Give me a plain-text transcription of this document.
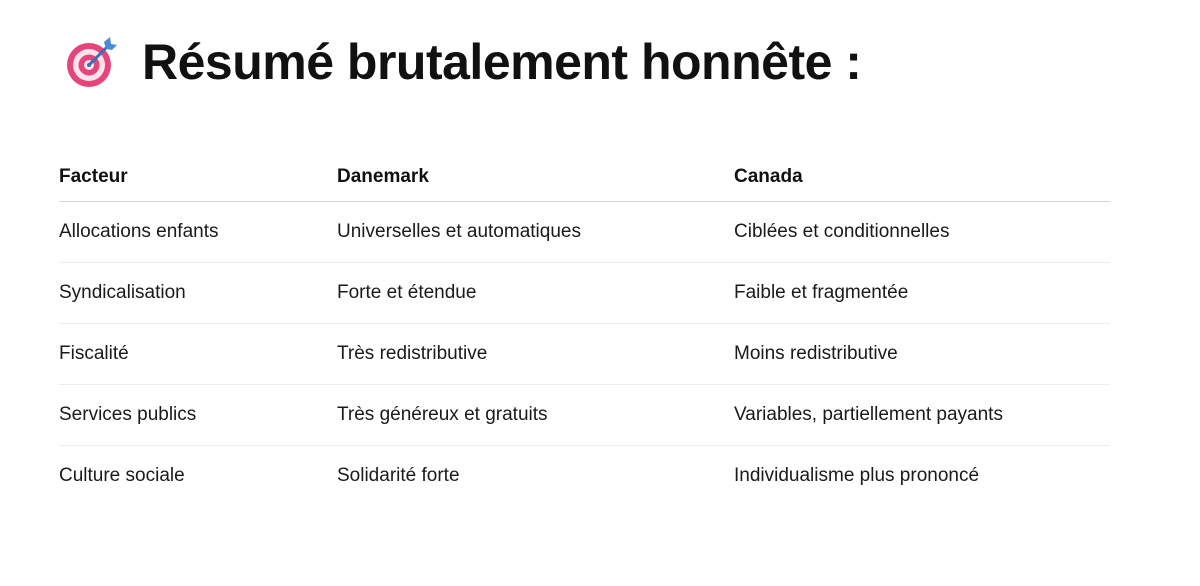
Résumé brutalement honnête :
Facteur	Danemark	Canada
Allocations enfants	Universelles et automatiques	Ciblées et conditionnelles
Syndicalisation	Forte et étendue	Faible et fragmentée
Fiscalité	Très redistributive	Moins redistributive
Services publics	Très généreux et gratuits	Variables, partiellement payants
Culture sociale	Solidarité forte	Individualisme plus prononcé
